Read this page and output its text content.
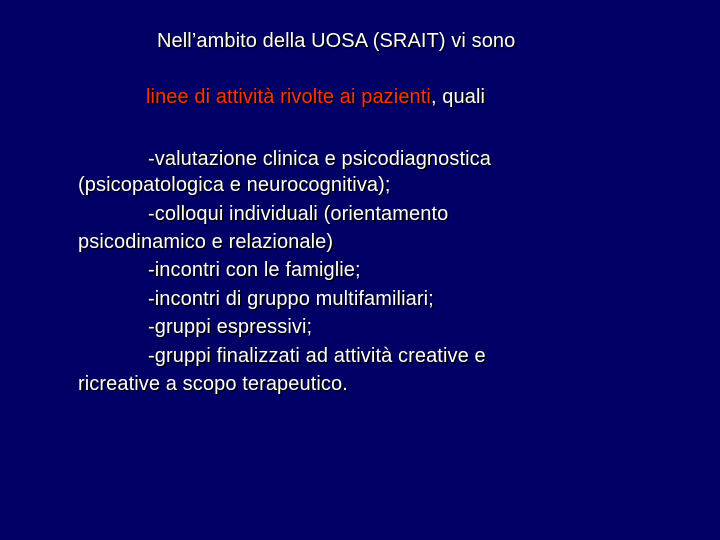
Nell’ambito della UOSA (SRAIT) vi sono
linee di attività rivolte ai pazienti, quali
-valutazione clinica e psicodiagnostica
(psicopatologica e neurocognitiva);
-colloqui individuali (orientamento
psicodinamico e relazionale)
-incontri con le famiglie;
-incontri di gruppo multifamiliari;
-gruppi espressivi;
-gruppi finalizzati ad attività creative e
ricreative a scopo terapeutico.
